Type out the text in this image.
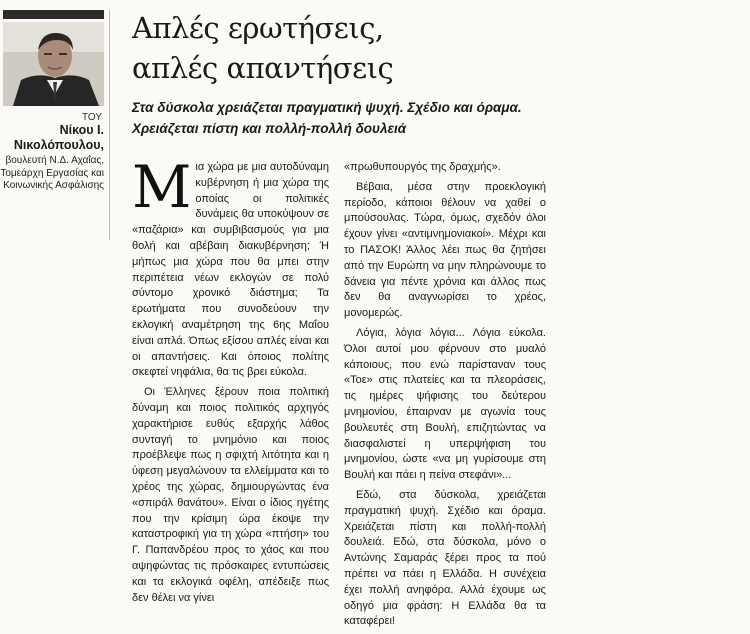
ΤΟΥ
Νίκου Ι.
Νικολόπουλου,
βουλευτή Ν.Δ. Αχαΐας, Τομεάρχη Εργασίας και Κοινωνικής Ασφάλισης
Απλές ερωτήσεις,
απλές απαντήσεις
Στα δύσκολα χρειάζεται πραγματική ψυχή. Σχέδιο και όραμα.
Χρειάζεται πίστη και πολλή-πολλή δουλειά

Μια χώρα με μια αυτοδύναμη κυβέρνηση ή μια χώρα της οποίας οι πολιτικές δυνάμεις θα υποκύψουν σε «παζάρια» και συμβιβασμούς για μια θολή και αβέβαιη διακυβέρνηση; Ή μήπως μια χώρα που θα μπει στην περιπέτεια νέων εκλογών σε πολύ σύντομο χρονικό διάστημα; Τα ερωτήματα που συνοδεύουν την εκλογική αναμέτρηση της 6ης Μαΐου είναι απλά. Όπως εξίσου απλές είναι και οι απαντήσεις. Και όποιος πολίτης σκεφτεί νηφάλια, θα τις βρει εύκολα.

Οι Έλληνες ξέρουν ποια πολιτική δύναμη και ποιος πολιτικός αρχηγός χαρακτήρισε ευθύς εξαρχής λάθος συνταγή το μνημόνιο και ποιος προέβλεψε πως η σφιχτή λιτότητα και η ύφεση μεγαλώνουν τα ελλείμματα και το χρέος της χώρας, δημιουργώντας ένα «σπιράλ θανάτου». Είναι ο ίδιος ηγέτης που την κρίσιμη ώρα έκοψε την καταστροφική για τη χώρα «πτήση» του Γ. Παπανδρέου προς το χάος και που αψηφώντας τις πρόσκαιρες εντυπώσεις και τα εκλογικά οφέλη, απέδειξε πως δεν θέλει να γίνει

«πρωθυπουργός της δραχμής».

Βέβαια, μέσα στην προεκλογική περίοδο, κάποιοι θέλουν να χαθεί ο μπούσουλας. Τώρα, όμως, σχεδόν όλοι έχουν γίνει «αντιμνημονιακοί». Μέχρι και το ΠΑΣΟΚ! Άλλος λέει πως θα ζητήσει από την Ευρώπη να μην πληρώνουμε το δάνεια για πέντε χρόνια και άλλος πως δεν θα αναγνωρίσει το χρέος, μονομερώς.

Λόγια, λόγια λόγια... Λόγια εύκολα. Όλοι αυτοί μου φέρνουν στο μυαλό κάποιους, που ενώ παρίσταναν τους «Τοε» στις πλατείες και τα πλεοράσεις, τις ημέρες ψήφισης του δεύτερου μνημονίου, έπαιρναν με αγωνία τους βουλευτές στη Βουλή, επιζητώντας να διασφαλιστεί η υπερψήφιση του μνημονίου, ώστε «να μη γυρίσουμε στη Βουλή και πάει η πείνα στεφάνι»...

Εδώ, στα δύσκολα, χρειάζεται πραγματική ψυχή. Σχέδιο και όραμα. Χρειάζεται πίστη και πολλή-πολλή δουλειά. Εδώ, στα δύσκολα, μόνο ο Αντώνης Σαμαράς ξέρει προς τα πού πρέπει να πάει η Ελλάδα. Η συνέχεια έχει πολλή ανηφόρα. Αλλά έχουμε ως οδηγό μια φράση: Η Ελλάδα θα τα καταφέρει!
